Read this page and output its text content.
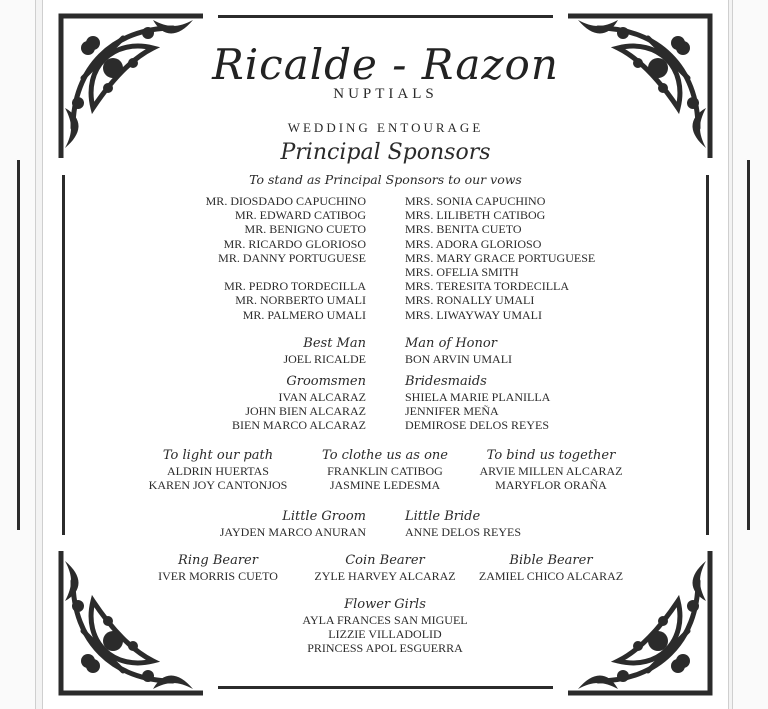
Ricalde - Razon
NUPTIALS
WEDDING ENTOURAGE
Principal Sponsors
To stand as Principal Sponsors to our vows
MR. DIOSDADO CAPUCHINO
MR. EDWARD CATIBOG
MR. BENIGNO CUETO
MR. RICARDO GLORIOSO
MR. DANNY PORTUGUESE
MR. PEDRO TORDECILLA
MR. NORBERTO UMALI
MR. PALMERO UMALI
MRS. SONIA CAPUCHINO
MRS. LILIBETH CATIBOG
MRS. BENITA CUETO
MRS. ADORA GLORIOSO
MRS. MARY GRACE PORTUGUESE
MRS. OFELIA SMITH
MRS. TERESITA TORDECILLA
MRS. RONALLY UMALI
MRS. LIWAYWAY UMALI
Best Man
JOEL RICALDE
Man of Honor
BON ARVIN UMALI
Groomsmen
IVAN ALCARAZ
JOHN BIEN ALCARAZ
BIEN MARCO ALCARAZ
Bridesmaids
SHIELA MARIE PLANILLA
JENNIFER MEÑA
DEMIROSE DELOS REYES
To light our path
ALDRIN HUERTAS
KAREN JOY CANTONJOS
To clothe us as one
FRANKLIN CATIBOG
JASMINE LEDESMA
To bind us together
ARVIE MILLEN ALCARAZ
MARYFLOR ORAÑA
Little Groom
JAYDEN MARCO ANURAN
Little Bride
ANNE DELOS REYES
Ring Bearer
IVER MORRIS CUETO
Coin Bearer
ZYLE HARVEY ALCARAZ
Bible Bearer
ZAMIEL CHICO ALCARAZ
Flower Girls
AYLA FRANCES SAN MIGUEL
LIZZIE VILLADOLID
PRINCESS APOL ESGUERRA
